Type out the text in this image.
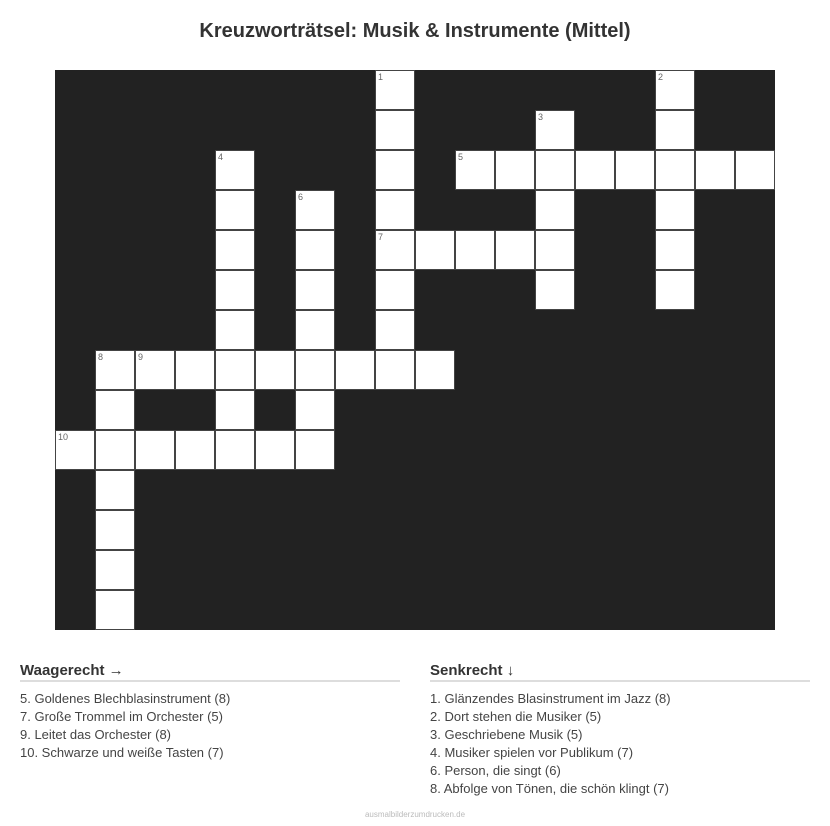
Kreuzworträtsel: Musik & Instrumente (Mittel)
1	2
3
4	5
6
7
8	9
10
Waagerecht →
5. Goldenes Blechblasinstrument (8)
7. Große Trommel im Orchester (5)
9. Leitet das Orchester (8)
10. Schwarze und weiße Tasten (7)
Senkrecht ↓
1. Glänzendes Blasinstrument im Jazz (8)
2. Dort stehen die Musiker (5)
3. Geschriebene Musik (5)
4. Musiker spielen vor Publikum (7)
6. Person, die singt (6)
8. Abfolge von Tönen, die schön klingt (7)
ausmalbilderzumdrucken.de
